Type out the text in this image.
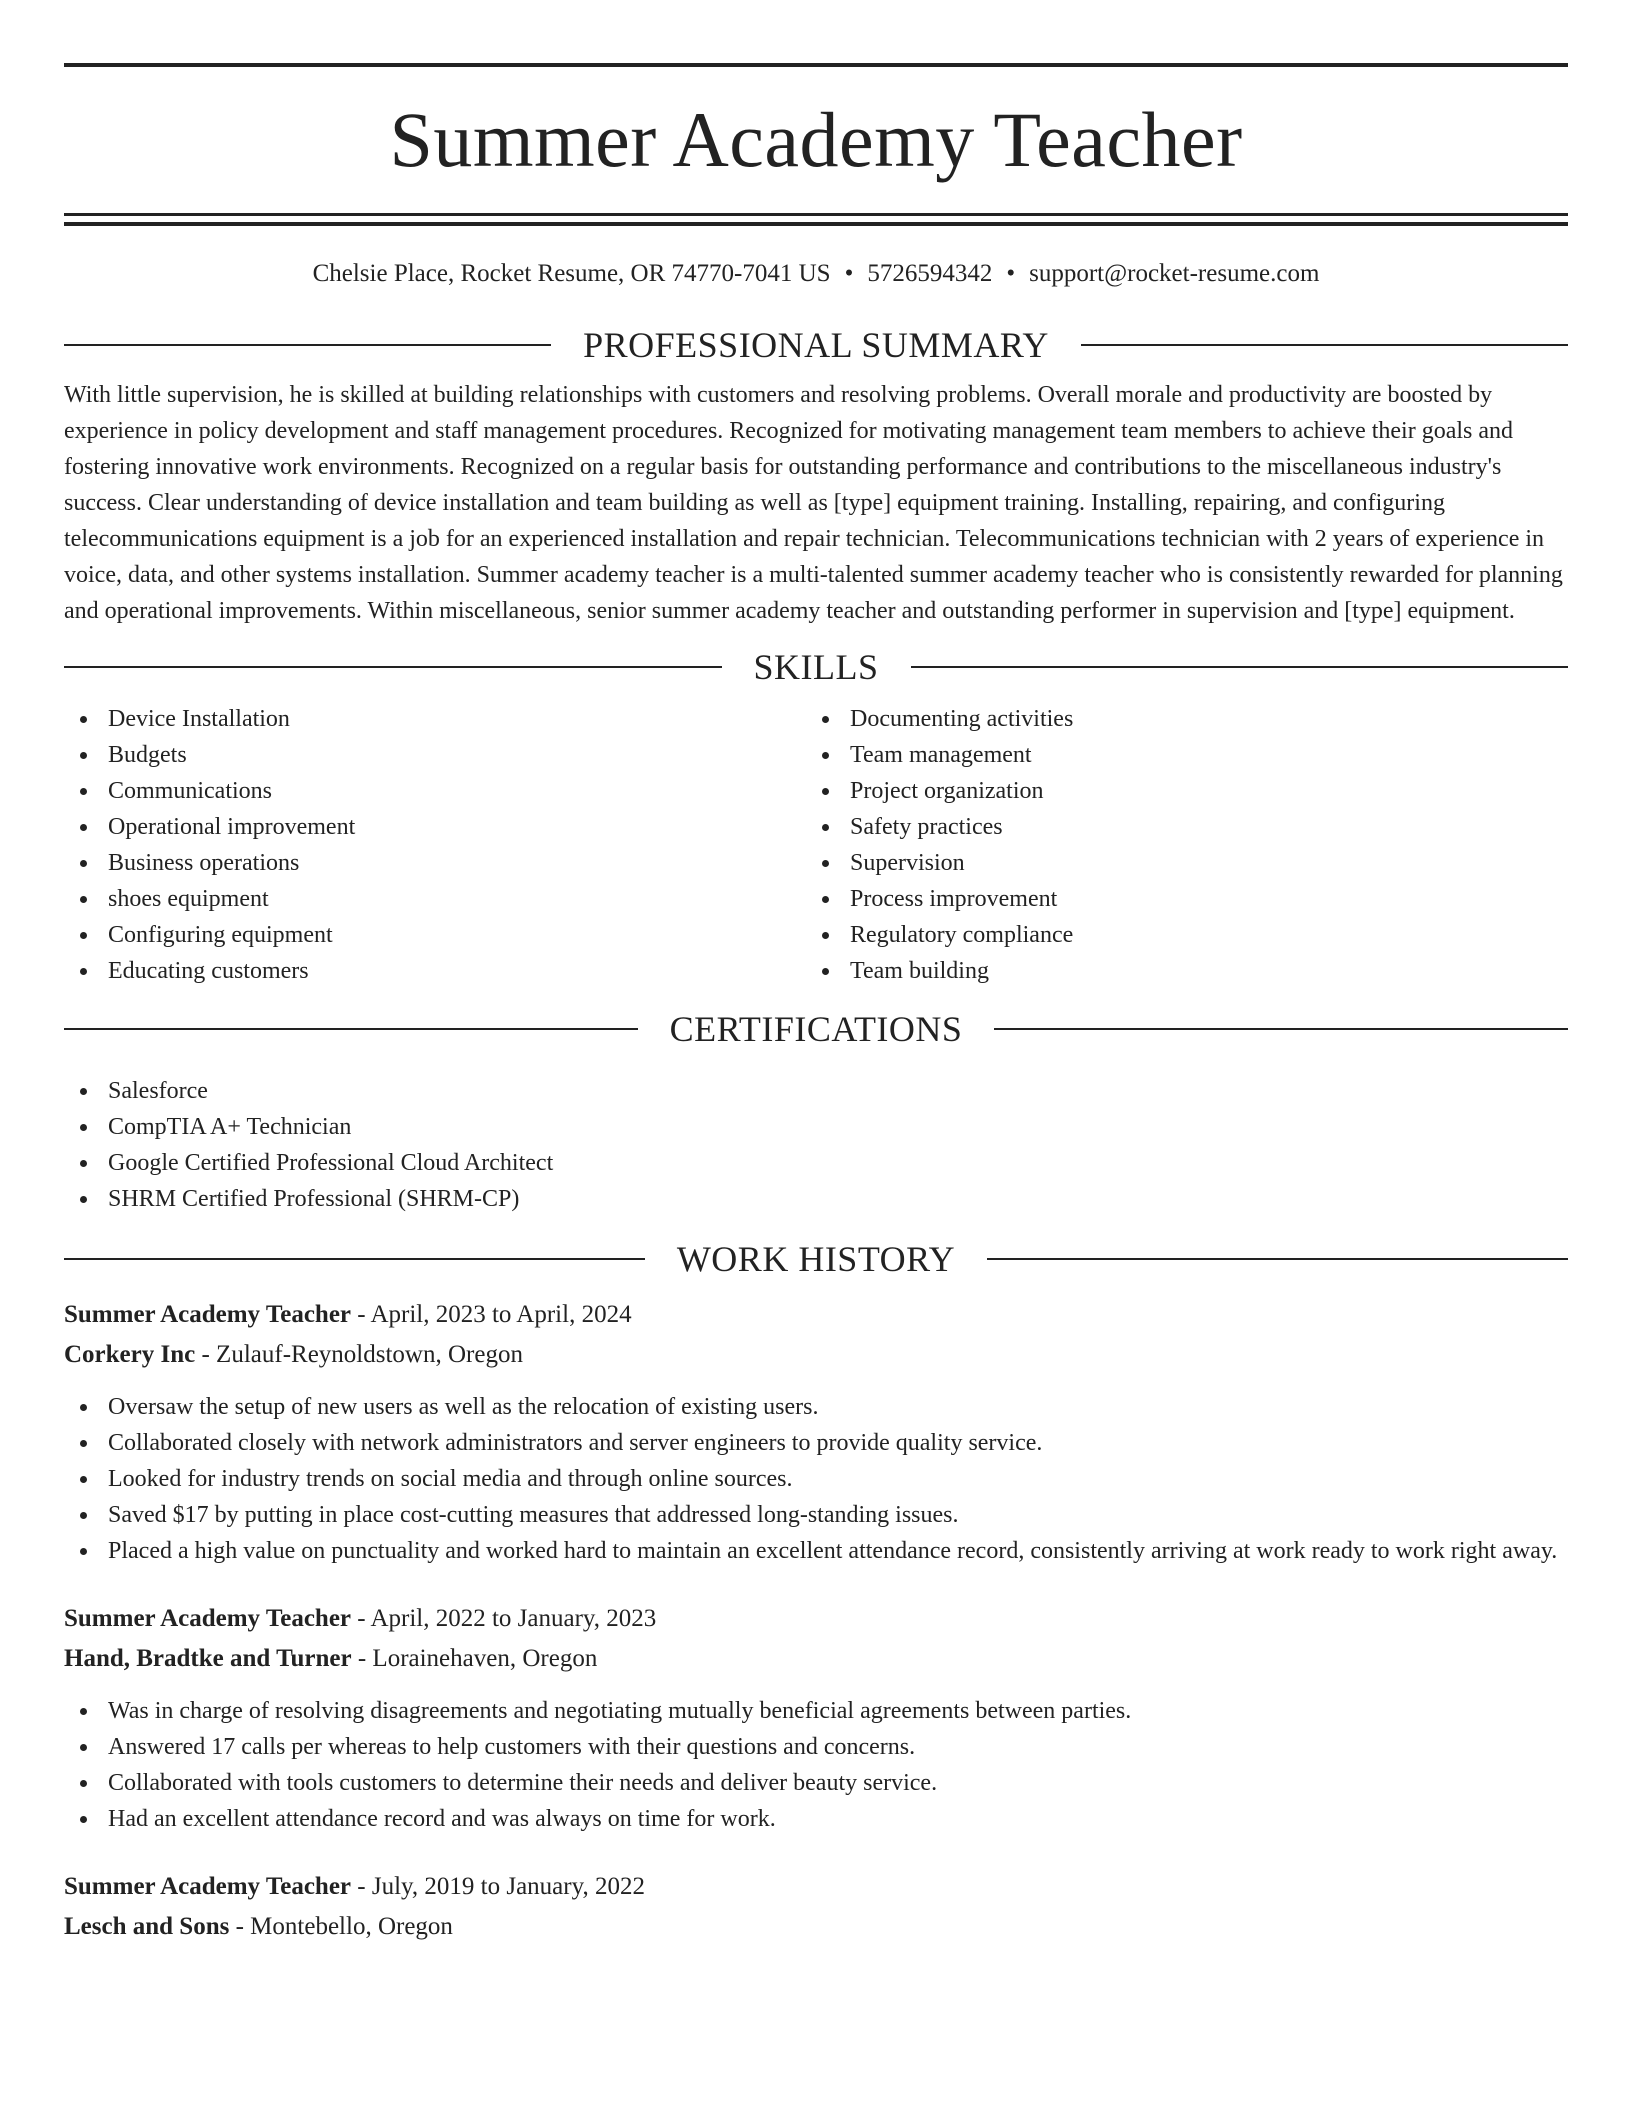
Summer Academy Teacher
Chelsie Place, Rocket Resume, OR 74770-7041 US • 5726594342 • support@rocket-resume.com
PROFESSIONAL SUMMARY

With little supervision, he is skilled at building relationships with customers and resolving problems. Overall morale and productivity are boosted by experience in policy development and staff management procedures. Recognized for motivating management team members to achieve their goals and fostering innovative work environments. Recognized on a regular basis for outstanding performance and contributions to the miscellaneous industry's success. Clear understanding of device installation and team building as well as [type] equipment training. Installing, repairing, and configuring telecommunications equipment is a job for an experienced installation and repair technician. Telecommunications technician with 2 years of experience in voice, data, and other systems installation. Summer academy teacher is a multi-talented summer academy teacher who is consistently rewarded for planning and operational improvements. Within miscellaneous, senior summer academy teacher and outstanding performer in supervision and [type] equipment.

SKILLS
Device Installation
Budgets
Communications
Operational improvement
Business operations
shoes equipment
Configuring equipment
Educating customers
Documenting activities
Team management
Project organization
Safety practices
Supervision
Process improvement
Regulatory compliance
Team building
CERTIFICATIONS
Salesforce
CompTIA A+ Technician
Google Certified Professional Cloud Architect
SHRM Certified Professional (SHRM-CP)
WORK HISTORY
Summer Academy Teacher - April, 2023 to April, 2024
Corkery Inc - Zulauf-Reynoldstown, Oregon
Oversaw the setup of new users as well as the relocation of existing users.
Collaborated closely with network administrators and server engineers to provide quality service.
Looked for industry trends on social media and through online sources.
Saved $17 by putting in place cost-cutting measures that addressed long-standing issues.
Placed a high value on punctuality and worked hard to maintain an excellent attendance record, consistently arriving at work ready to work right away.
Summer Academy Teacher - April, 2022 to January, 2023
Hand, Bradtke and Turner - Lorainehaven, Oregon
Was in charge of resolving disagreements and negotiating mutually beneficial agreements between parties.
Answered 17 calls per whereas to help customers with their questions and concerns.
Collaborated with tools customers to determine their needs and deliver beauty service.
Had an excellent attendance record and was always on time for work.
Summer Academy Teacher - July, 2019 to January, 2022
Lesch and Sons - Montebello, Oregon
